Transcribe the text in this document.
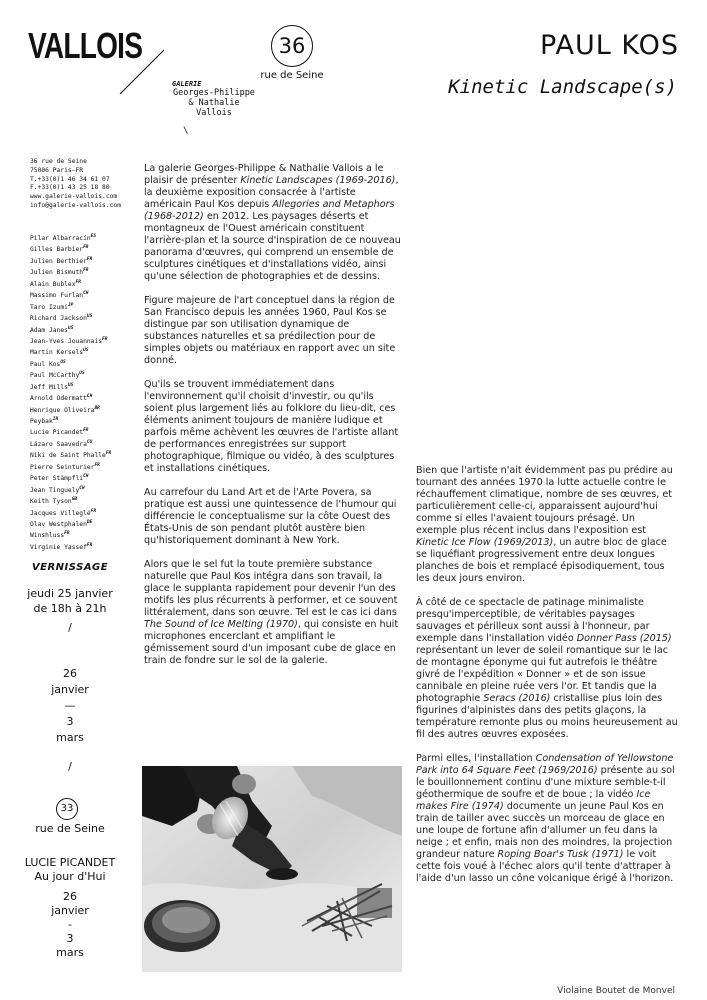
VALLOIS
GALERIE
Georges-Philippe
& Nathalie
Vallois
\
36
rue de Seine
PAUL KOS
Kinetic Landscape(s)
36 rue de Seine
75006 Paris—FR
T.+33(0)1 46 34 61 07
F.+33(0)1 43 25 18 80
www.galerie-vallois.com
info@galerie-vallois.com
Pilar Albarracín$^{ES}$
Gilles Barbier$^{FR}$
Julien Berthier$^{FR}$
Julien Bismuth$^{FR}$
Alain Bublex$^{FR}$
Massimo Furlan$^{CH}$
Taro Izumi$^{JP}$
Richard Jackson$^{US}$
Adam Janes$^{US}$
Jean-Yves Jouannais$^{FR}$
Martin Kersels$^{US}$
Paul Kos$^{US}$
Paul McCarthy$^{US}$
Jeff Mills$^{US}$
Arnold Odermatt$^{CH}$
Henrique Oliveira$^{BR}$
Peybak$^{IR}$
Lucie Picandet$^{FR}$
Lázaro Saavedra$^{CU}$
Niki de Saint Phalle$^{FR}$
Pierre Seinturier$^{FR}$
Peter Stämpfli$^{CH}$
Jean Tinguely$^{CH}$
Keith Tyson$^{GB}$
Jacques Villeglé$^{FR}$
Olav Westphalen$^{DE}$
Winshluss$^{FR}$
Virginie Yassef$^{FR}$
VERNISSAGE
jeudi 25 janvier
de 18h à 21h
/
26
janvier
—
3
mars
/
33
rue de Seine
LUCIE PICANDET
Au jour d'Hui
26
janvier
-
3
mars

La galerie Georges-Philippe & Nathalie Vallois a le plaisir de présenter Kinetic Landscapes (1969-2016), la deuxième exposition consacrée à l'artiste américain Paul Kos depuis Allegories and Metaphors (1968-2012) en 2012. Les paysages déserts et montagneux de l'Ouest américain constituent l'arrière-plan et la source d'inspiration de ce nouveau panorama d'œuvres, qui comprend un ensemble de sculptures cinétiques et d'installations vidéo, ainsi qu'une sélection de photographies et de dessins.

Figure majeure de l'art conceptuel dans la région de San Francisco depuis les années 1960, Paul Kos se distingue par son utilisation dynamique de substances naturelles et sa prédilection pour de simples objets ou matériaux en rapport avec un site donné.

Qu'ils se trouvent immédiatement dans l'environnement qu'il choisit d'investir, ou qu'ils soient plus largement liés au folklore du lieu-dit, ces éléments animent toujours de manière ludique et parfois même achèvent les œuvres de l'artiste allant de performances enregistrées sur support photographique, filmique ou vidéo, à des sculptures et installations cinétiques.

Au carrefour du Land Art et de l'Arte Povera, sa pratique est aussi une quintessence de l'humour qui différencie le conceptualisme sur la côte Ouest des États-Unis de son pendant plutôt austère bien qu'historiquement dominant à New York.

Alors que le sel fut la toute première substance naturelle que Paul Kos intégra dans son travail, la glace le supplanta rapidement pour devenir l'un des motifs les plus récurrents à performer, et ce souvent littéralement, dans son œuvre. Tel est le cas ici dans The Sound of Ice Melting (1970), qui consiste en huit microphones encerclant et amplifiant le gémissement sourd d'un imposant cube de glace en train de fondre sur le sol de la galerie.

Bien que l'artiste n'ait évidemment pas pu prédire au tournant des années 1970 la lutte actuelle contre le réchauffement climatique, nombre de ses œuvres, et particulièrement celle-ci, apparaissent aujourd'hui comme si elles l'avaient toujours présagé. Un exemple plus récent inclus dans l'exposition est Kinetic Ice Flow (1969/2013), un autre bloc de glace se liquéfiant progressivement entre deux longues planches de bois et remplacé épisodiquement, tous les deux jours environ.

À côté de ce spectacle de patinage minimaliste presqu'imperceptible, de véritables paysages sauvages et périlleux sont aussi à l'honneur, par exemple dans l'installation vidéo Donner Pass (2015) représentant un lever de soleil romantique sur le lac de montagne éponyme qui fut autrefois le théâtre givré de l'expédition « Donner » et de son issue cannibale en pleine ruée vers l'or. Et tandis que la photographie Seracs (2016) cristallise plus loin des figurines d'alpinistes dans des petits glaçons, la température remonte plus ou moins heureusement au fil des autres œuvres exposées.

Parmi elles, l'installation Condensation of Yellowstone Park into 64 Square Feet (1969/2016) présente au sol le bouillonnement continu d'une mixture semble-t-il géothermique de soufre et de boue ; la vidéo Ice makes Fire (1974) documente un jeune Paul Kos en train de tailler avec succès un morceau de glace en une loupe de fortune afin d'allumer un feu dans la neige ; et enfin, mais non des moindres, la projection grandeur nature Roping Boar's Tusk (1971) le voit cette fois voué à l'échec alors qu'il tente d'attraper à l'aide d'un lasso un cône volcanique érigé à l'horizon.

Violaine Boutet de Monvel
